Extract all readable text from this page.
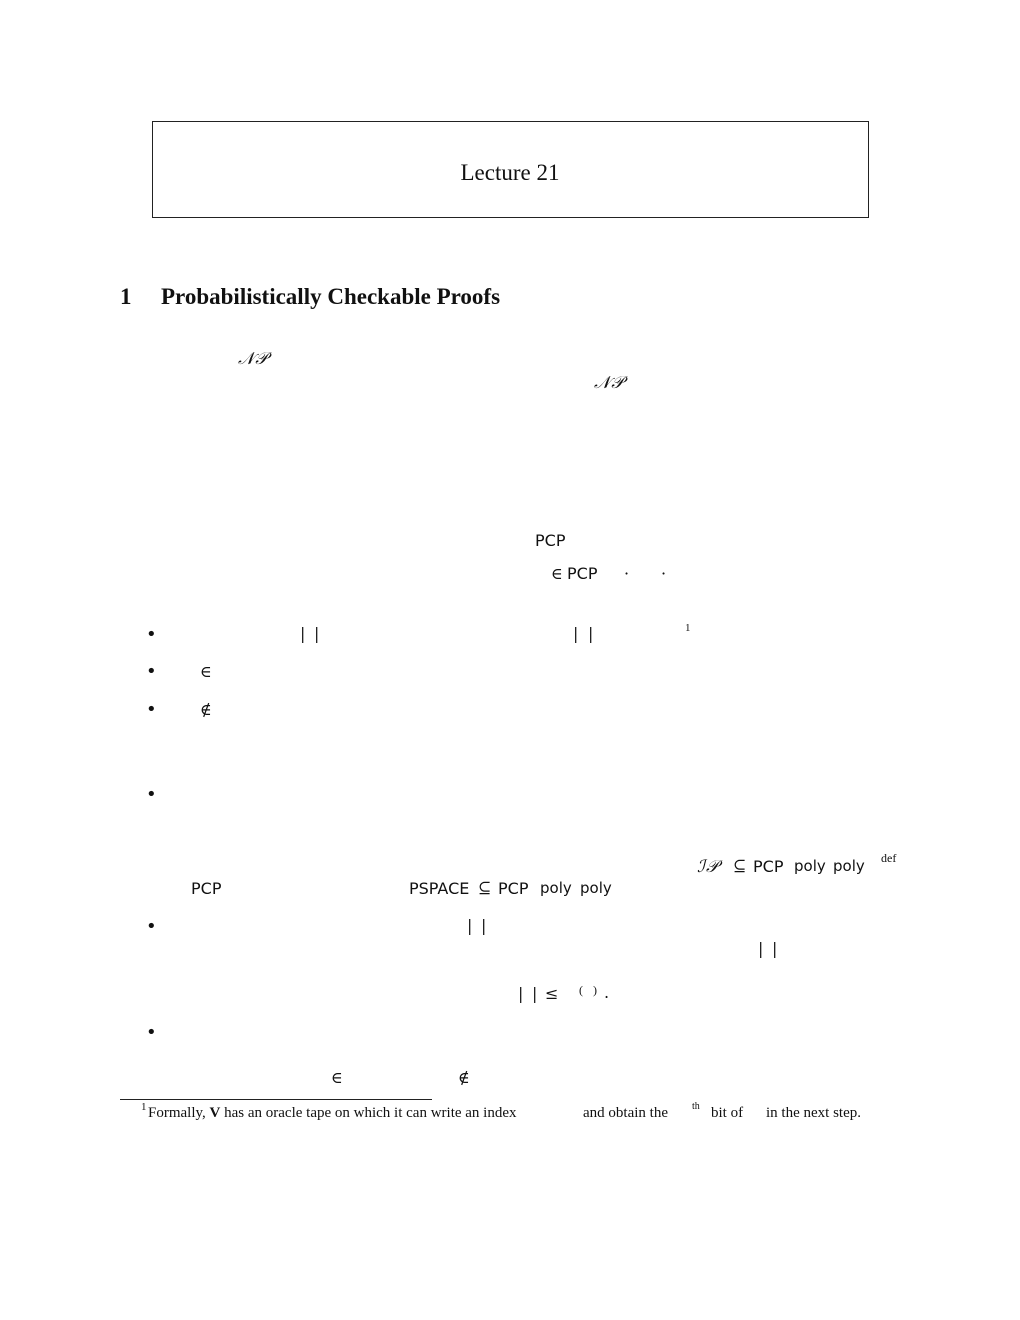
Lecture 21
1 Probabilistically Checkable Proofs
𝒩𝒫
𝒩𝒫
PCP
∈ PCP · ·
•	| |	| |	1
•	∈
•	∉
•
ℐ𝒫 ⊆ PCP poly poly def
PCP	PSPACE ⊆ PCP poly poly
•	| |
| |
| | ≤ ( ) .
•
∈	∉
1 Formally, V has an oracle tape on which it can write an index	and obtain the th bit of in the next step.
